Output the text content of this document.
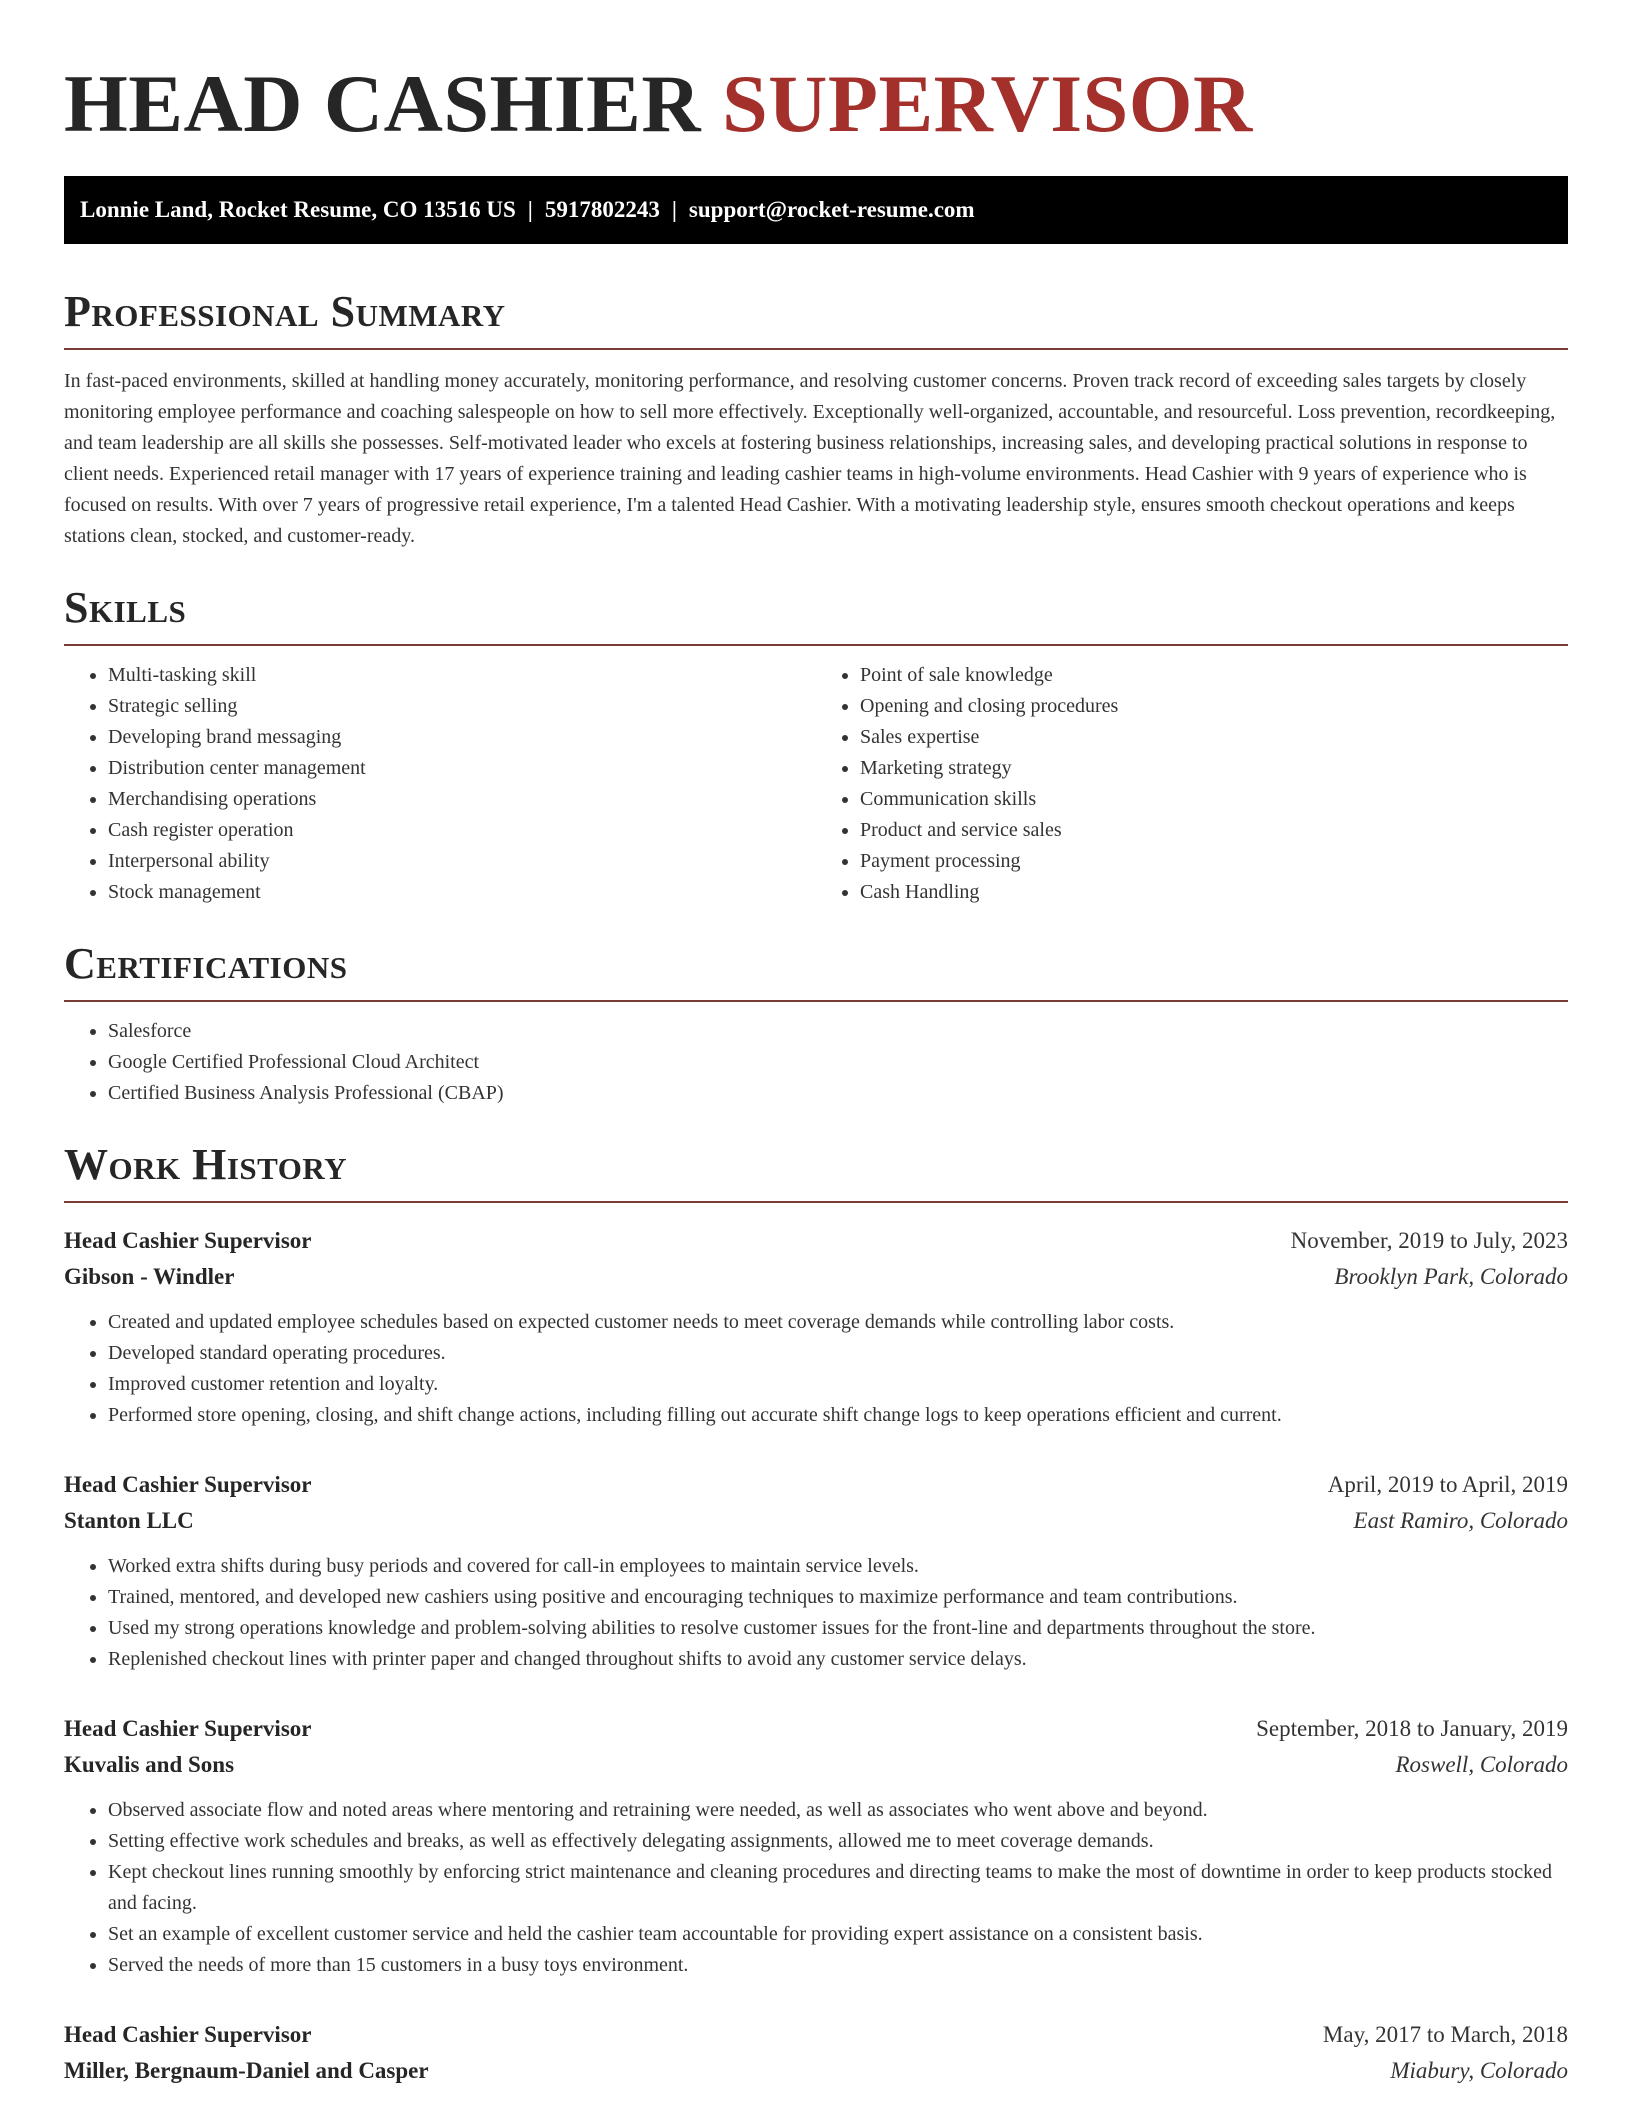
HEAD CASHIER SUPERVISOR
Lonnie Land, Rocket Resume, CO 13516 US | 5917802243 | support@rocket-resume.com
Professional Summary

In fast-paced environments, skilled at handling money accurately, monitoring performance, and resolving customer concerns. Proven track record of exceeding sales targets by closely monitoring employee performance and coaching salespeople on how to sell more effectively. Exceptionally well-organized, accountable, and resourceful. Loss prevention, recordkeeping, and team leadership are all skills she possesses. Self-motivated leader who excels at fostering business relationships, increasing sales, and developing practical solutions in response to client needs. Experienced retail manager with 17 years of experience training and leading cashier teams in high-volume environments. Head Cashier with 9 years of experience who is focused on results. With over 7 years of progressive retail experience, I'm a talented Head Cashier. With a motivating leadership style, ensures smooth checkout operations and keeps stations clean, stocked, and customer-ready.

Skills
• Multi-tasking skill
• Strategic selling
• Developing brand messaging
• Distribution center management
• Merchandising operations
• Cash register operation
• Interpersonal ability
• Stock management
• Point of sale knowledge
• Opening and closing procedures
• Sales expertise
• Marketing strategy
• Communication skills
• Product and service sales
• Payment processing
• Cash Handling
Certifications
• Salesforce
• Google Certified Professional Cloud Architect
• Certified Business Analysis Professional (CBAP)
Work History
Head Cashier Supervisor	November, 2019 to July, 2023
Gibson - Windler	Brooklyn Park, Colorado
• Created and updated employee schedules based on expected customer needs to meet coverage demands while controlling labor costs.
• Developed standard operating procedures.
• Improved customer retention and loyalty.
• Performed store opening, closing, and shift change actions, including filling out accurate shift change logs to keep operations efficient and current.
Head Cashier Supervisor	April, 2019 to April, 2019
Stanton LLC	East Ramiro, Colorado
• Worked extra shifts during busy periods and covered for call-in employees to maintain service levels.
• Trained, mentored, and developed new cashiers using positive and encouraging techniques to maximize performance and team contributions.
• Used my strong operations knowledge and problem-solving abilities to resolve customer issues for the front-line and departments throughout the store.
• Replenished checkout lines with printer paper and changed throughout shifts to avoid any customer service delays.
Head Cashier Supervisor	September, 2018 to January, 2019
Kuvalis and Sons	Roswell, Colorado
• Observed associate flow and noted areas where mentoring and retraining were needed, as well as associates who went above and beyond.
• Setting effective work schedules and breaks, as well as effectively delegating assignments, allowed me to meet coverage demands.
• Kept checkout lines running smoothly by enforcing strict maintenance and cleaning procedures and directing teams to make the most of downtime in order to keep products stocked and facing.
• Set an example of excellent customer service and held the cashier team accountable for providing expert assistance on a consistent basis.
• Served the needs of more than 15 customers in a busy toys environment.
Head Cashier Supervisor	May, 2017 to March, 2018
Miller, Bergnaum-Daniel and Casper	Miabury, Colorado
